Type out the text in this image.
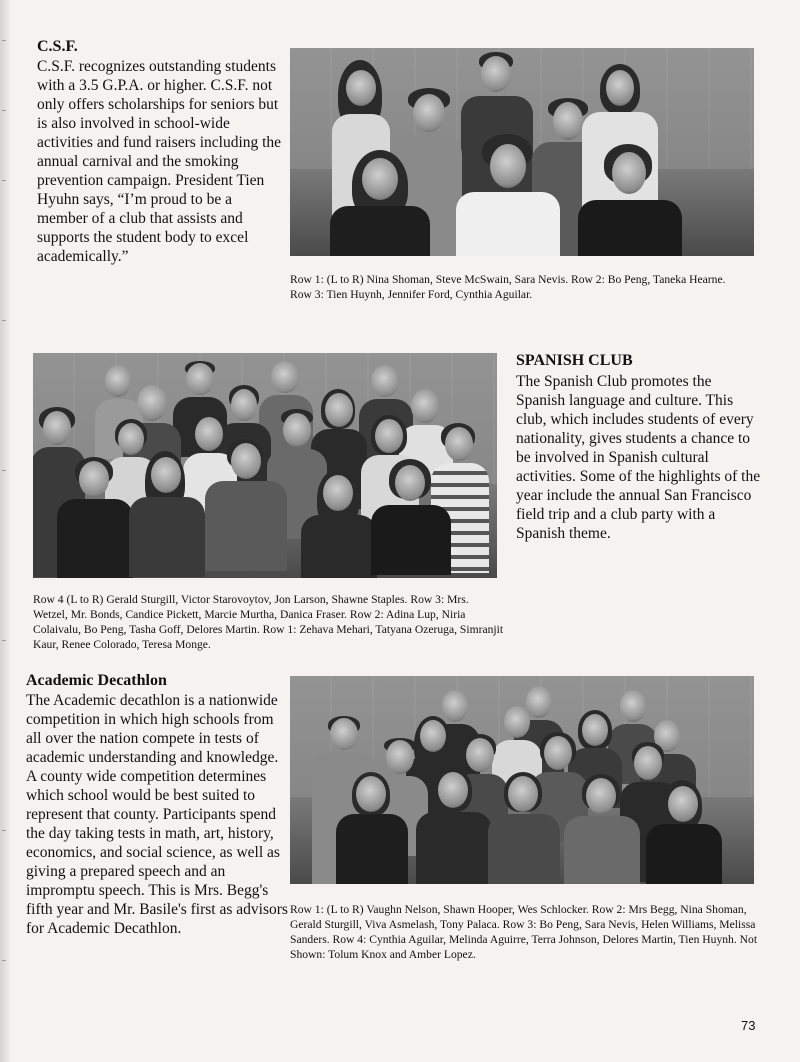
C.S.F.
C.S.F. recognizes outstanding students with a 3.5 G.P.A. or higher. C.S.F. not only offers scholarships for seniors but is also involved in school-wide activities and fund raisers including the annual carnival and the smoking prevention campaign. President Tien Hyuhn says, “I’m proud to be a member of a club that assists and supports the student body to excel academically.”
Row 1: (L to R) Nina Shoman, Steve McSwain, Sara Nevis. Row 2: Bo Peng, Taneka Hearne. Row 3: Tien Huynh, Jennifer Ford, Cynthia Aguilar.
SPANISH CLUB
The Spanish Club promotes the Spanish language and culture. This club, which includes students of every nationality, gives students a chance to be involved in Spanish cultural activities. Some of the highlights of the year include the annual San Francisco field trip and a club party with a Spanish theme.
Row 4 (L to R) Gerald Sturgill, Victor Starovoytov, Jon Larson, Shawne Staples. Row 3: Mrs. Wetzel, Mr. Bonds, Candice Pickett, Marcie Murtha, Danica Fraser. Row 2: Adina Lup, Niria Colaivalu, Bo Peng, Tasha Goff, Delores Martin. Row 1: Zehava Mehari, Tatyana Ozeruga, Simranjit Kaur, Renee Colorado, Teresa Monge.
Academic Decathlon
The Academic decathlon is a nationwide competition in which high schools from all over the nation compete in tests of academic understanding and knowledge. A county wide competition determines which school would be best suited to represent that county. Participants spend the day taking tests in math, art, history, economics, and social science, as well as giving a prepared speech and an impromptu speech. This is Mrs. Begg's fifth year and Mr. Basile's first as advisors for Academic Decathlon.
Row 1: (L to R) Vaughn Nelson, Shawn Hooper, Wes Schlocker. Row 2: Mrs Begg, Nina Shoman, Gerald Sturgill, Viva Asmelash, Tony Palaca. Row 3: Bo Peng, Sara Nevis, Helen Williams, Melissa Sanders. Row 4: Cynthia Aguilar, Melinda Aguirre, Terra Johnson, Delores Martin, Tien Huynh. Not Shown: Tolum Knox and Amber Lopez.
73
